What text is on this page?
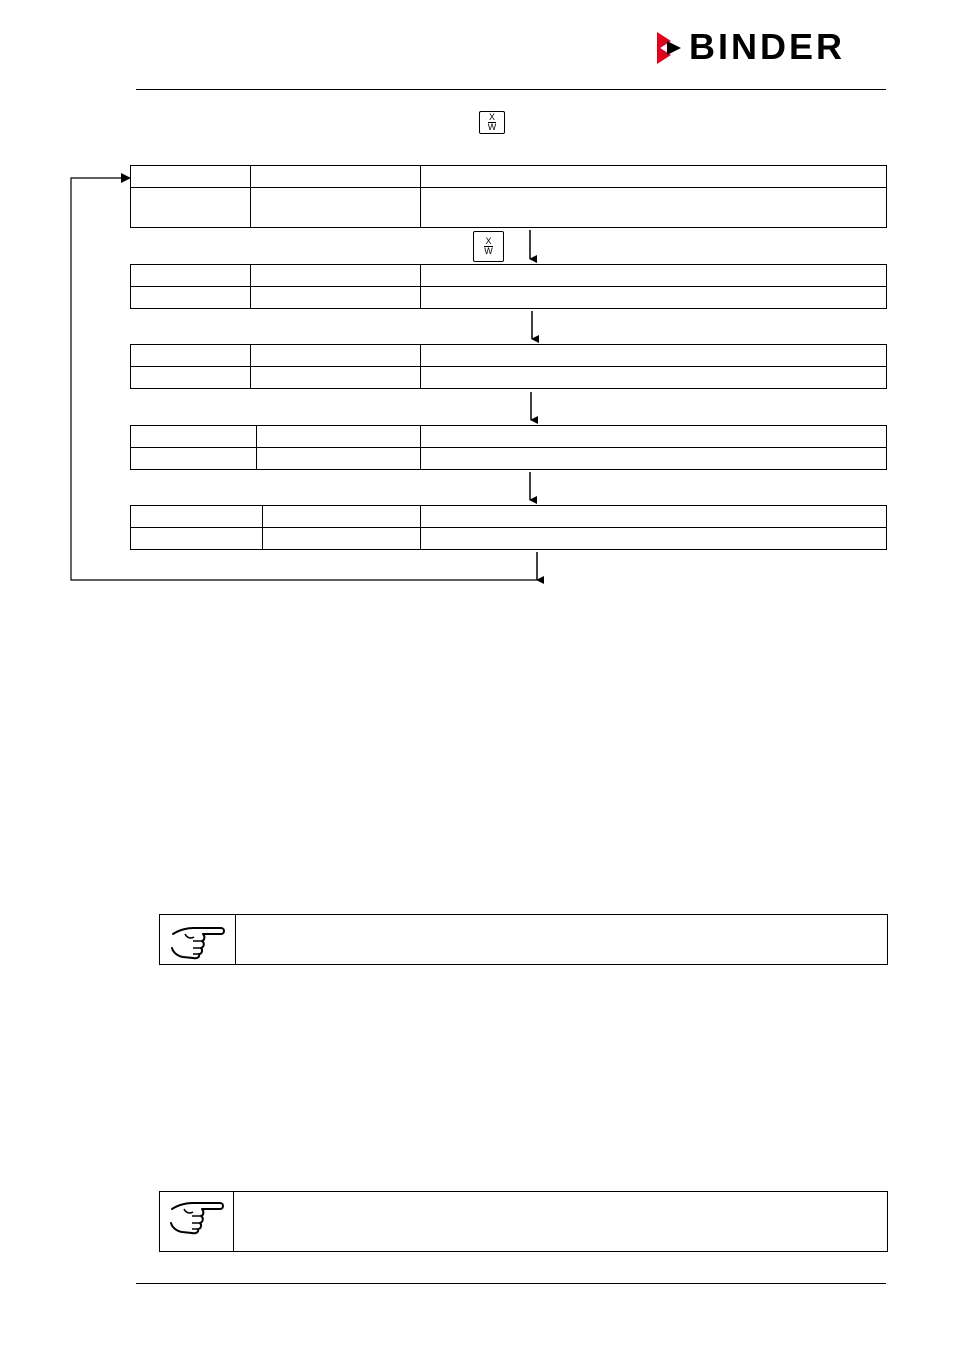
BINDER
X
W

X
W
